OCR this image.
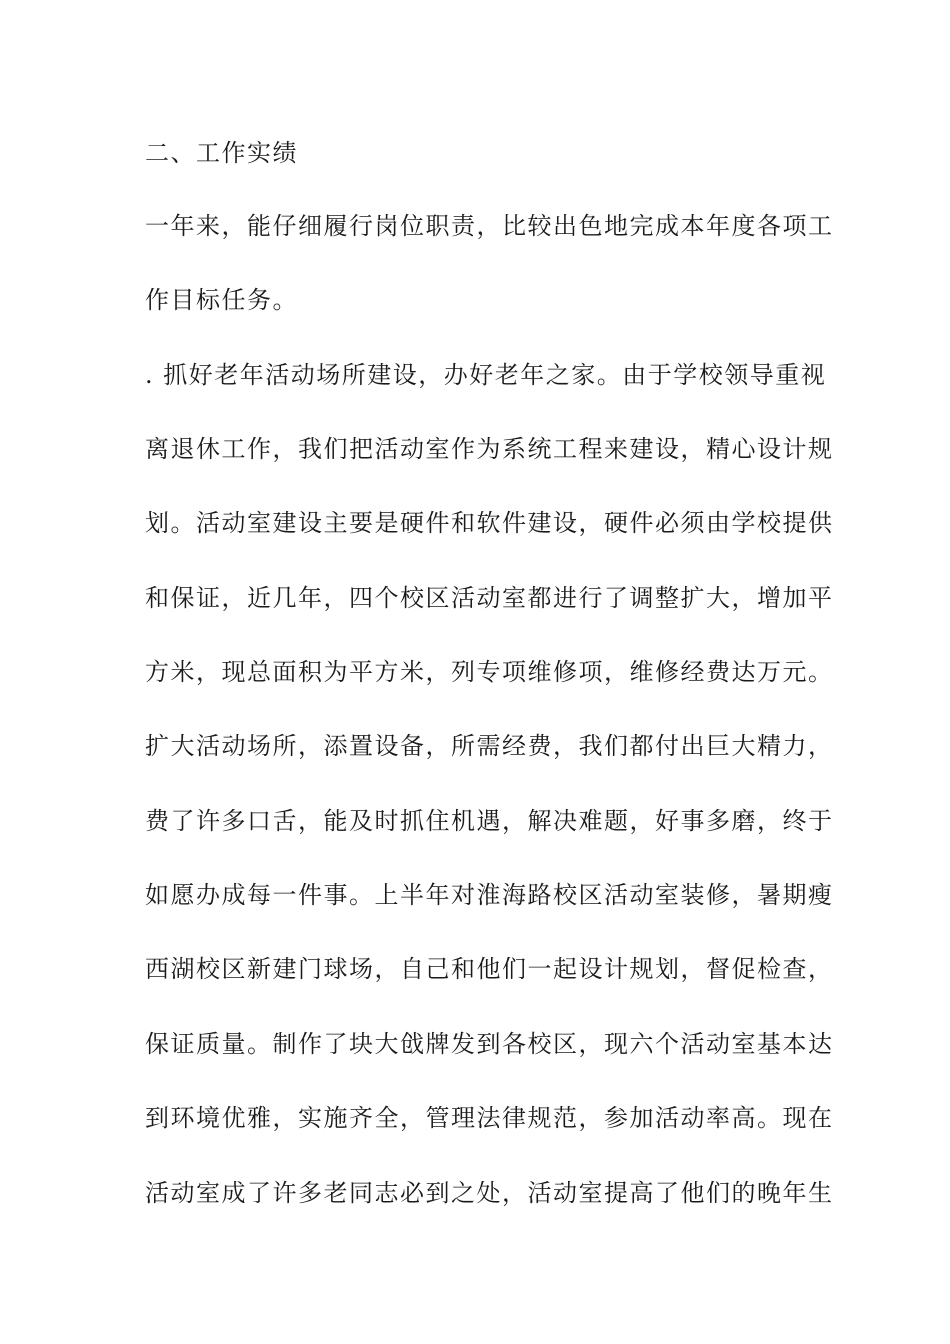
二、工作实绩
一年来，能仔细履行岗位职责，比较出色地完成本年度各项工
作目标任务。
. 抓好老年活动场所建设，办好老年之家。由于学校领导重视
离退休工作，我们把活动室作为系统工程来建设，精心设计规
划。活动室建设主要是硬件和软件建设，硬件必须由学校提供
和保证，近几年，四个校区活动室都进行了调整扩大，增加平
方米，现总面积为平方米，列专项维修项，维修经费达万元。
扩大活动场所，添置设备，所需经费，我们都付出巨大精力，
费了许多口舌，能及时抓住机遇，解决难题，好事多磨，终于
如愿办成每一件事。上半年对淮海路校区活动室装修，暑期瘦
西湖校区新建门球场，自己和他们一起设计规划，督促检查，
保证质量。制作了块大戗牌发到各校区，现六个活动室基本达
到环境优雅，实施齐全，管理法律规范，参加活动率高。现在
活动室成了许多老同志必到之处，活动室提高了他们的晚年生
